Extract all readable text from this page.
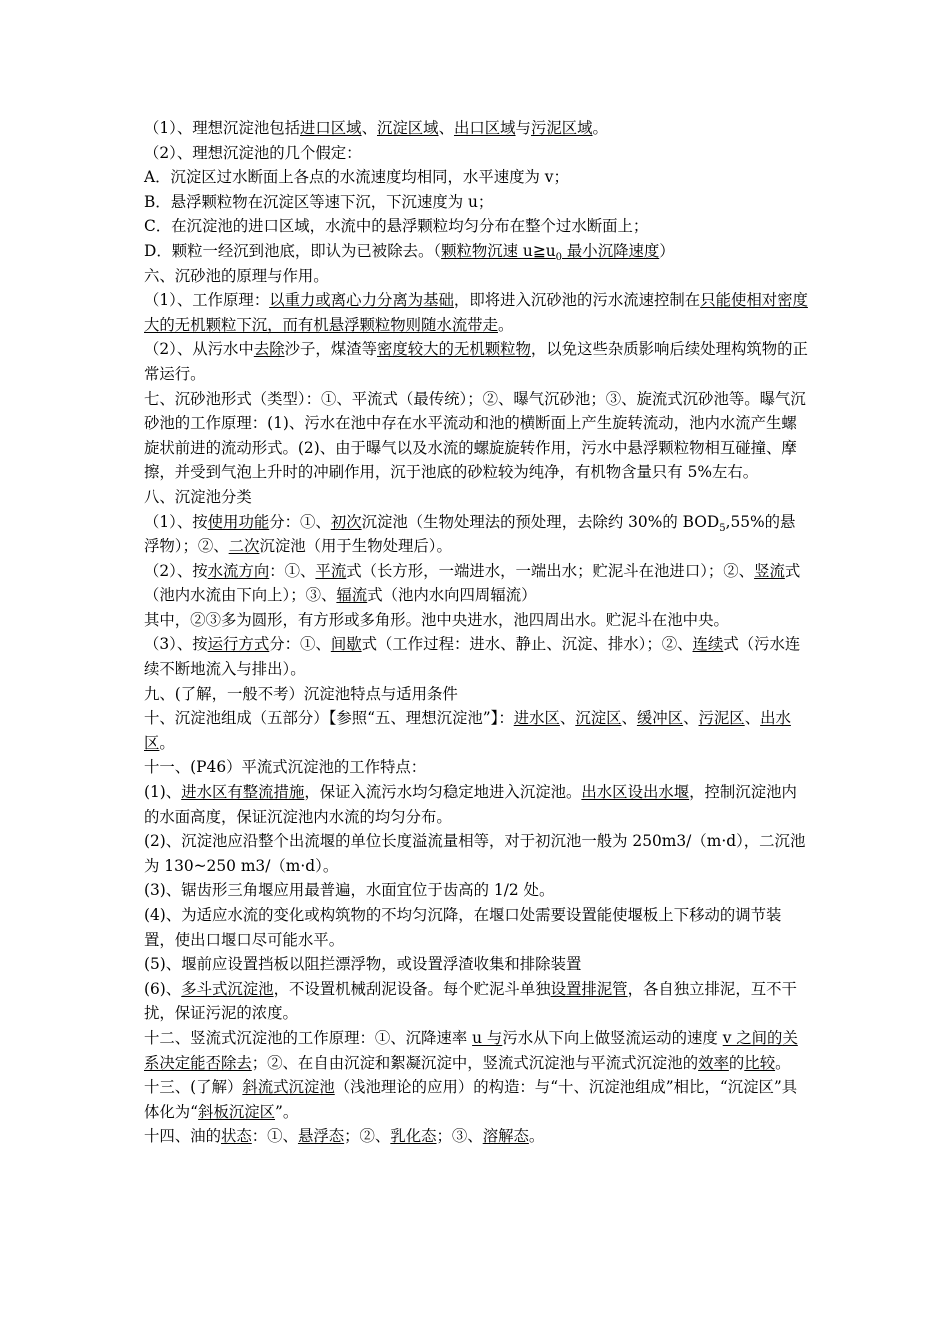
（1）、理想沉淀池包括进口区域、沉淀区域、出口区域与污泥区域。

（2）、理想沉淀池的几个假定：

A．沉淀区过水断面上各点的水流速度均相同，水平速度为 v；

B．悬浮颗粒物在沉淀区等速下沉，下沉速度为 u；

C．在沉淀池的进口区域，水流中的悬浮颗粒均匀分布在整个过水断面上；

D．颗粒一经沉到池底，即认为已被除去。（颗粒物沉速 $u≧u_0$ 最小沉降速度）

六、沉砂池的原理与作用。

（1）、工作原理：以重力或离心力分离为基础，即将进入沉砂池的污水流速控制在只能使相对密度大的无机颗粒下沉，而有机悬浮颗粒物则随水流带走。

（2）、从污水中去除沙子，煤渣等密度较大的无机颗粒物，以免这些杂质影响后续处理构筑物的正常运行。

七、沉砂池形式（类型）：①、平流式（最传统）；②、曝气沉砂池；③、旋流式沉砂池等。曝气沉砂池的工作原理：(1)、污水在池中存在水平流动和池的横断面上产生旋转流动，池内水流产生螺旋状前进的流动形式。(2)、由于曝气以及水流的螺旋旋转作用，污水中悬浮颗粒物相互碰撞、摩擦，并受到气泡上升时的冲刷作用，沉于池底的砂粒较为纯净，有机物含量只有 5%左右。

八、沉淀池分类

（1）、按使用功能分：①、初次沉淀池（生物处理法的预处理，去除约 30%的 $BOD_5,55\%$的悬浮物）；②、二次沉淀池（用于生物处理后）。

（2）、按水流方向：①、平流式（长方形，一端进水，一端出水；贮泥斗在池进口）；②、竖流式（池内水流由下向上）；③、辐流式（池内水向四周辐流）

其中，②③多为圆形，有方形或多角形。池中央进水，池四周出水。贮泥斗在池中央。

（3）、按运行方式分：①、间歇式（工作过程：进水、静止、沉淀、排水）；②、连续式（污水连续不断地流入与排出）。

九、(了解，一般不考）沉淀池特点与适用条件

十、沉淀池组成（五部分）【参照“五、理想沉淀池”】：进水区、沉淀区、缓冲区、污泥区、出水区。

十一、(P46）平流式沉淀池的工作特点：

(1)、进水区有整流措施，保证入流污水均匀稳定地进入沉淀池。出水区设出水堰，控制沉淀池内的水面高度，保证沉淀池内水流的均匀分布。

(2)、沉淀池应沿整个出流堰的单位长度溢流量相等，对于初沉池一般为 250m3/（m·d），二沉池为 130~250 m3/（m·d）。

(3)、锯齿形三角堰应用最普遍，水面宜位于齿高的 1/2 处。

(4)、为适应水流的变化或构筑物的不均匀沉降，在堰口处需要设置能使堰板上下移动的调节装置，使出口堰口尽可能水平。

(5)、堰前应设置挡板以阻拦漂浮物，或设置浮渣收集和排除装置

(6)、多斗式沉淀池，不设置机械刮泥设备。每个贮泥斗单独设置排泥管，各自独立排泥，互不干扰，保证污泥的浓度。

十二、竖流式沉淀池的工作原理：①、沉降速率 u 与污水从下向上做竖流运动的速度 v 之间的关系决定能否除去；②、在自由沉淀和絮凝沉淀中，竖流式沉淀池与平流式沉淀池的效率的比较。

十三、(了解）斜流式沉淀池（浅池理论的应用）的构造：与“十、沉淀池组成”相比，“沉淀区”具体化为“斜板沉淀区”。

十四、油的状态：①、悬浮态；②、乳化态；③、溶解态。
